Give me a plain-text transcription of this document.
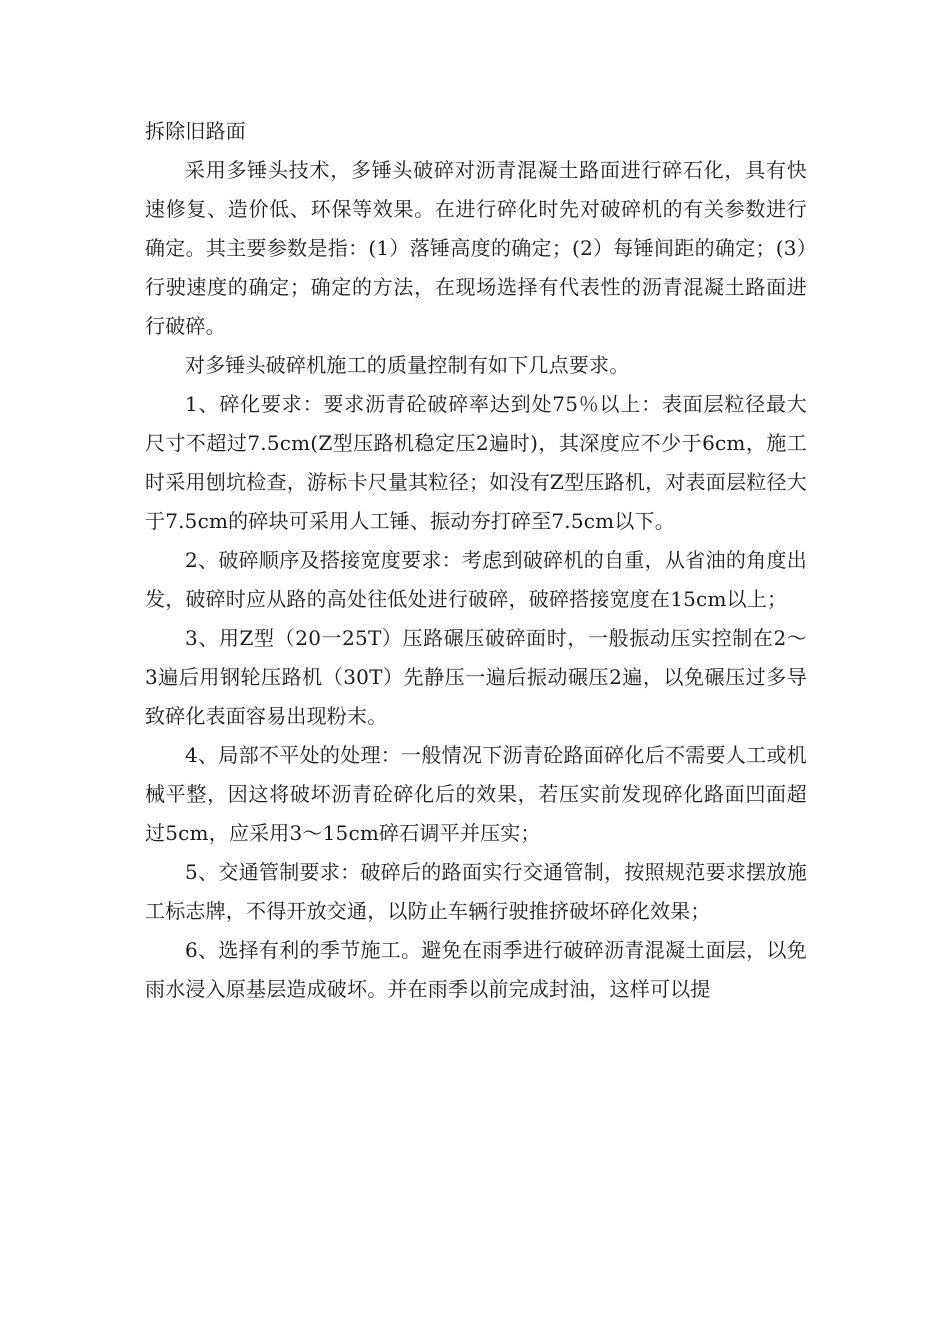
拆除旧路面

采用多锤头技术，多锤头破碎对沥青混凝土路面进行碎石化，具有快速修复、造价低、环保等效果。在进行碎化时先对破碎机的有关参数进行确定。其主要参数是指：(1）落锤高度的确定；(2）每锤间距的确定；(3）行驶速度的确定；确定的方法，在现场选择有代表性的沥青混凝土路面进行破碎。

对多锤头破碎机施工的质量控制有如下几点要求。

1、碎化要求：要求沥青砼破碎率达到处75％以上：表面层粒径最大尺寸不超过7.5cm(Z型压路机稳定压2遍时)，其深度应不少于6cm，施工时采用刨坑检查，游标卡尺量其粒径；如没有Z型压路机，对表面层粒径大于7.5cm的碎块可采用人工锤、振动夯打碎至7.5cm以下。

2、破碎顺序及搭接宽度要求：考虑到破碎机的自重，从省油的角度出发，破碎时应从路的高处往低处进行破碎，破碎搭接宽度在15cm以上；

3、用Z型（20一25T）压路碾压破碎面时，一般振动压实控制在2～3遍后用钢轮压路机（30T）先静压一遍后振动碾压2遍，以免碾压过多导致碎化表面容易出现粉末。

4、局部不平处的处理：一般情况下沥青砼路面碎化后不需要人工或机械平整，因这将破坏沥青砼碎化后的效果，若压实前发现碎化路面凹面超过5cm，应采用3～15cm碎石调平并压实；

5、交通管制要求：破碎后的路面实行交通管制，按照规范要求摆放施工标志牌，不得开放交通，以防止车辆行驶推挤破坏碎化效果；

6、选择有利的季节施工。避免在雨季进行破碎沥青混凝土面层，以免雨水浸入原基层造成破坏。并在雨季以前完成封油，这样可以提
